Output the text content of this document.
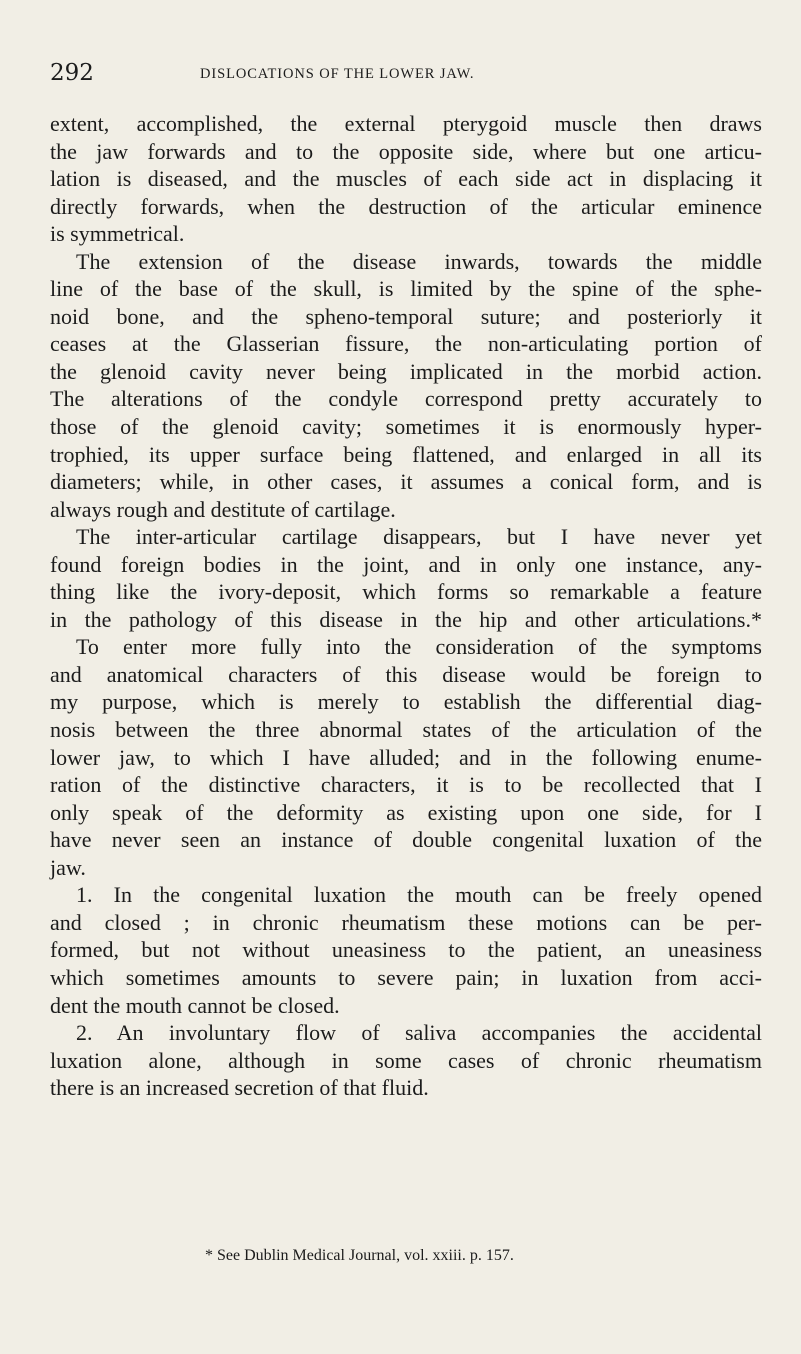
292	DISLOCATIONS OF THE LOWER JAW.
extent, accomplished, the external pterygoid muscle then draws
the jaw forwards and to the opposite side, where but one articu-
lation is diseased, and the muscles of each side act in displacing it
directly forwards, when the destruction of the articular eminence
is symmetrical.
The extension of the disease inwards, towards the middle
line of the base of the skull, is limited by the spine of the sphe-
noid bone, and the spheno-temporal suture; and posteriorly it
ceases at the Glasserian fissure, the non-articulating portion of
the glenoid cavity never being implicated in the morbid action.
The alterations of the condyle correspond pretty accurately to
those of the glenoid cavity; sometimes it is enormously hyper-
trophied, its upper surface being flattened, and enlarged in all its
diameters; while, in other cases, it assumes a conical form, and is
always rough and destitute of cartilage.
The inter-articular cartilage disappears, but I have never yet
found foreign bodies in the joint, and in only one instance, any-
thing like the ivory-deposit, which forms so remarkable a feature
in the pathology of this disease in the hip and other articulations.*
To enter more fully into the consideration of the symptoms
and anatomical characters of this disease would be foreign to
my purpose, which is merely to establish the differential diag-
nosis between the three abnormal states of the articulation of the
lower jaw, to which I have alluded; and in the following enume-
ration of the distinctive characters, it is to be recollected that I
only speak of the deformity as existing upon one side, for I
have never seen an instance of double congenital luxation of the
jaw.
1. In the congenital luxation the mouth can be freely opened
and closed ; in chronic rheumatism these motions can be per-
formed, but not without uneasiness to the patient, an uneasiness
which sometimes amounts to severe pain; in luxation from acci-
dent the mouth cannot be closed.
2. An involuntary flow of saliva accompanies the accidental
luxation alone, although in some cases of chronic rheumatism
there is an increased secretion of that fluid.
* See Dublin Medical Journal, vol. xxiii. p. 157.
